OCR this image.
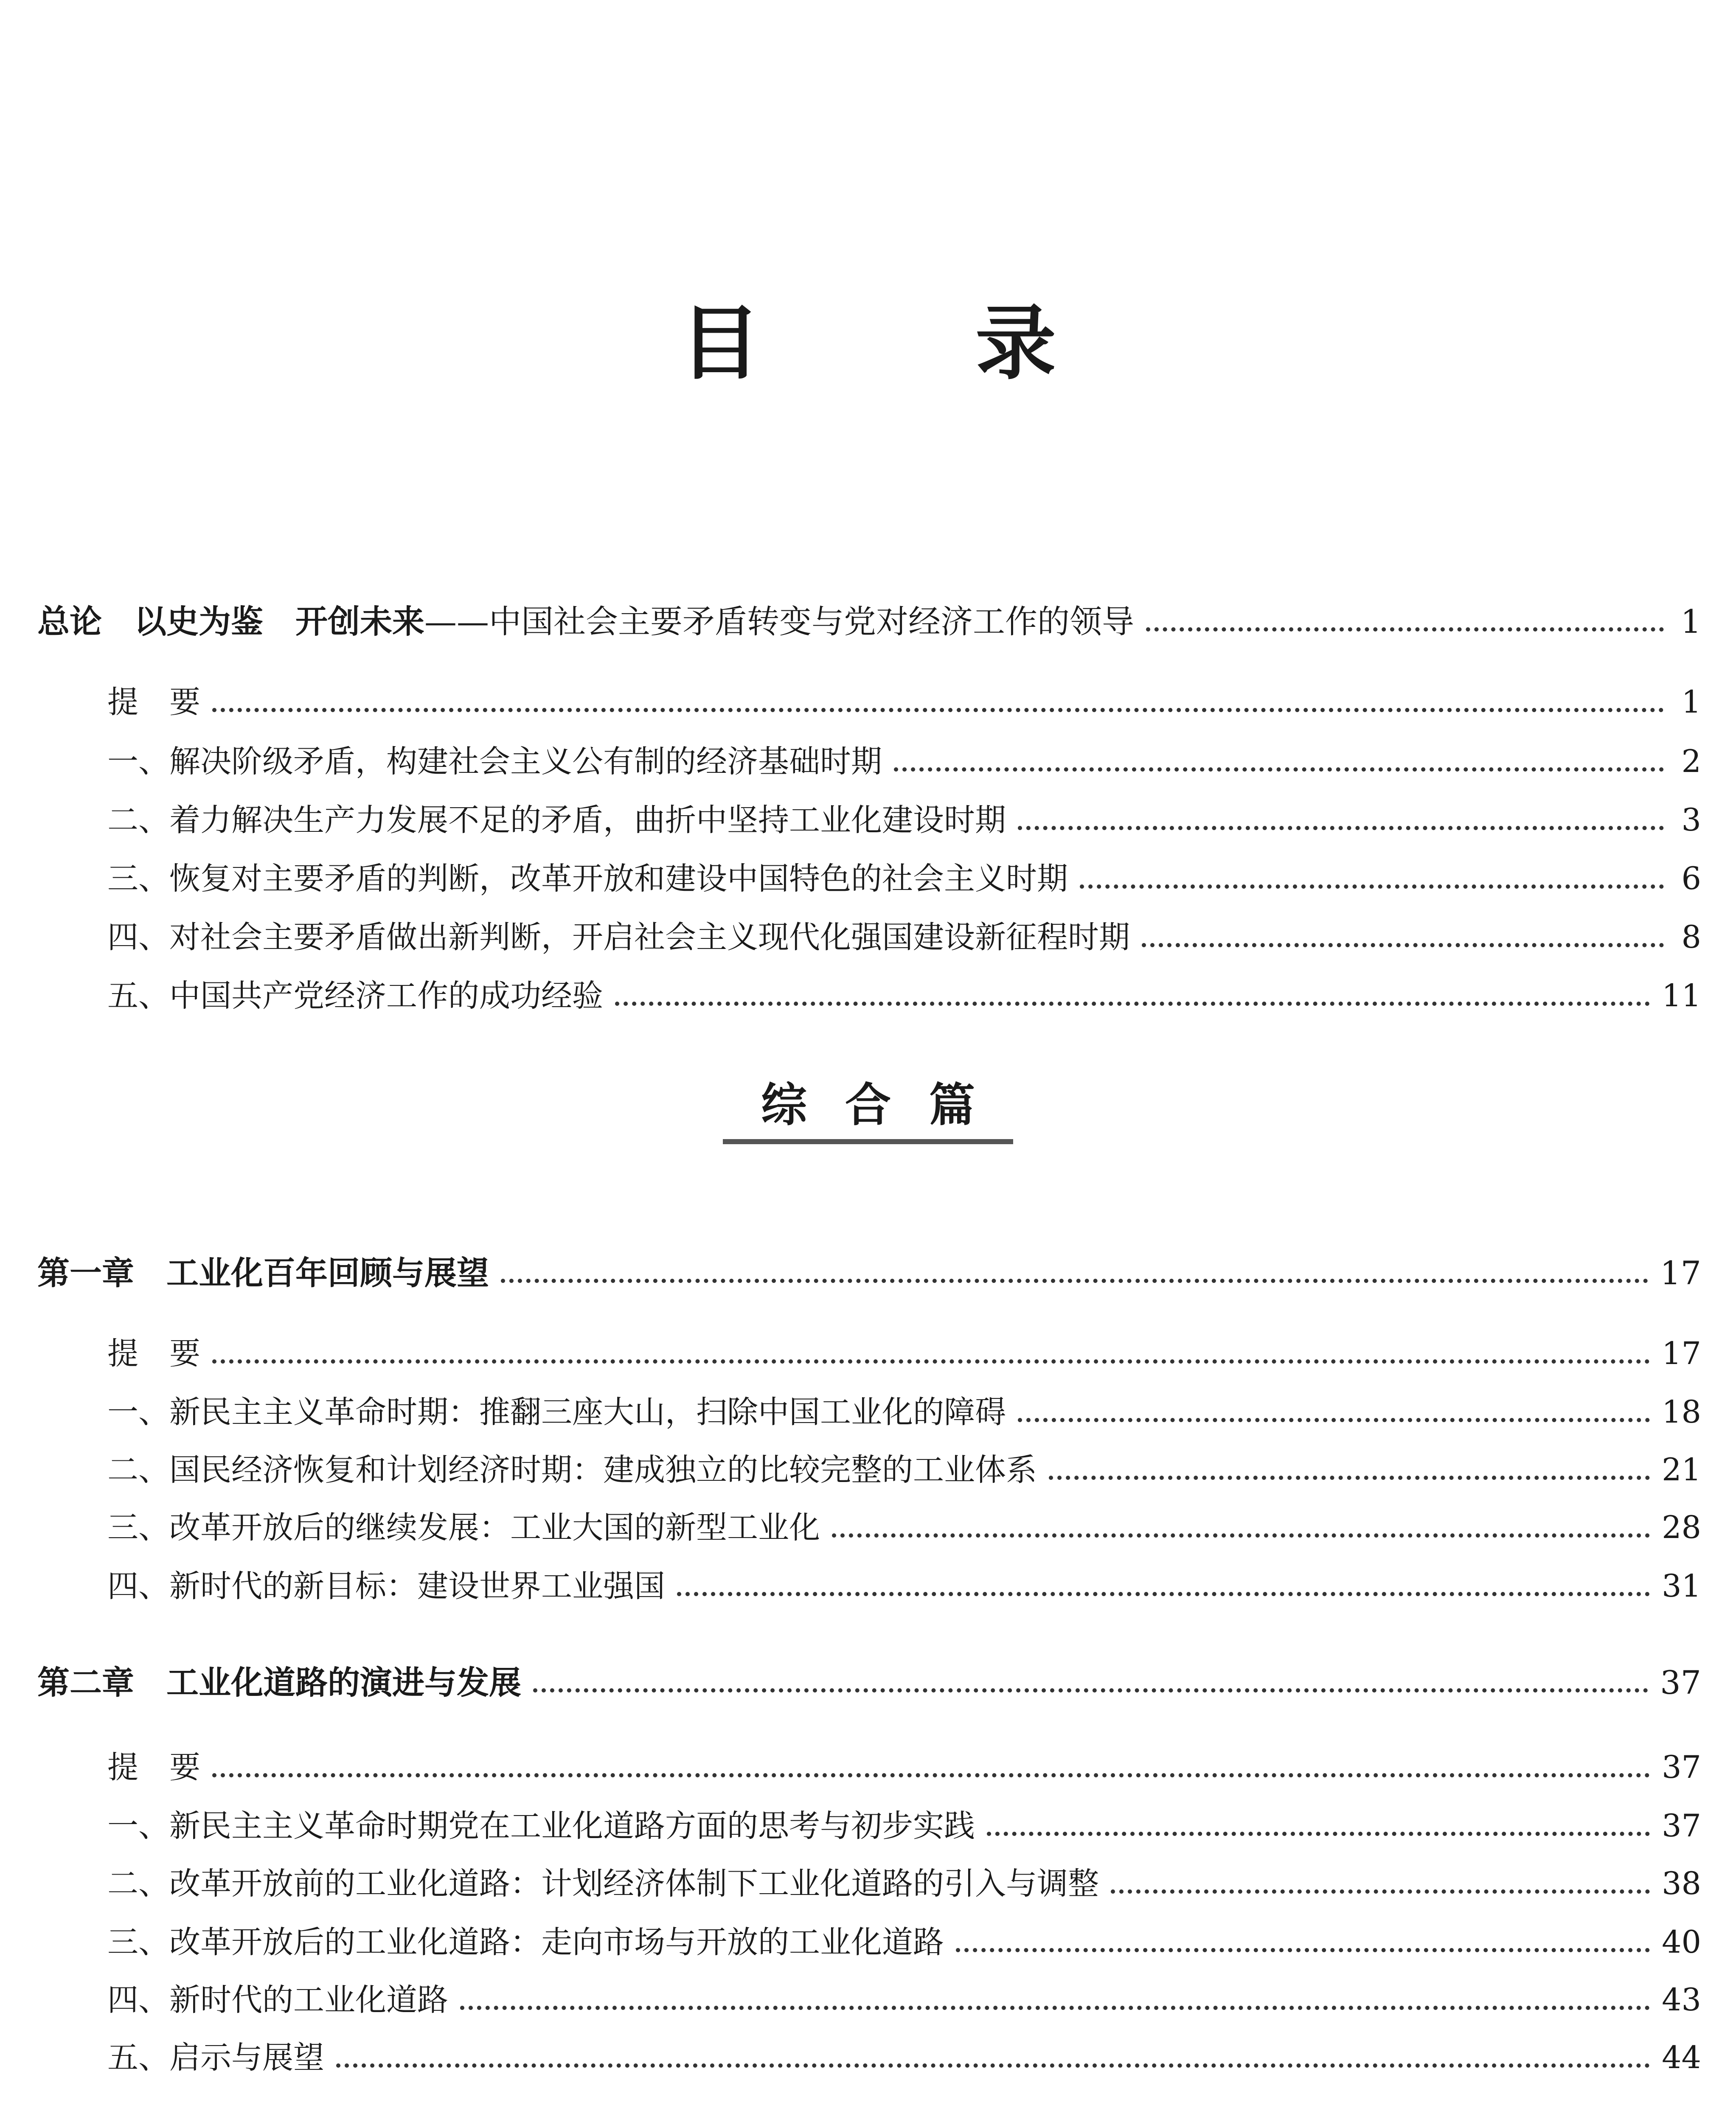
目 录
总论　以史为鉴　开创未来 ——中国社会主要矛盾转变与党对经济工作的领导	1
提　要	1
一、解决阶级矛盾，构建社会主义公有制的经济基础时期	2
二、着力解决生产力发展不足的矛盾，曲折中坚持工业化建设时期	3
三、恢复对主要矛盾的判断，改革开放和建设中国特色的社会主义时期	6
四、对社会主要矛盾做出新判断，开启社会主义现代化强国建设新征程时期	8
五、中国共产党经济工作的成功经验	11
综合篇
第一章　工业化百年回顾与展望	17
提　要	17
一、新民主主义革命时期：推翻三座大山，扫除中国工业化的障碍	18
二、国民经济恢复和计划经济时期：建成独立的比较完整的工业体系	21
三、改革开放后的继续发展：工业大国的新型工业化	28
四、新时代的新目标：建设世界工业强国	31
第二章　工业化道路的演进与发展	37
提　要	37
一、新民主主义革命时期党在工业化道路方面的思考与初步实践	37
二、改革开放前的工业化道路：计划经济体制下工业化道路的引入与调整	38
三、改革开放后的工业化道路：走向市场与开放的工业化道路	40
四、新时代的工业化道路	43
五、启示与展望	44
